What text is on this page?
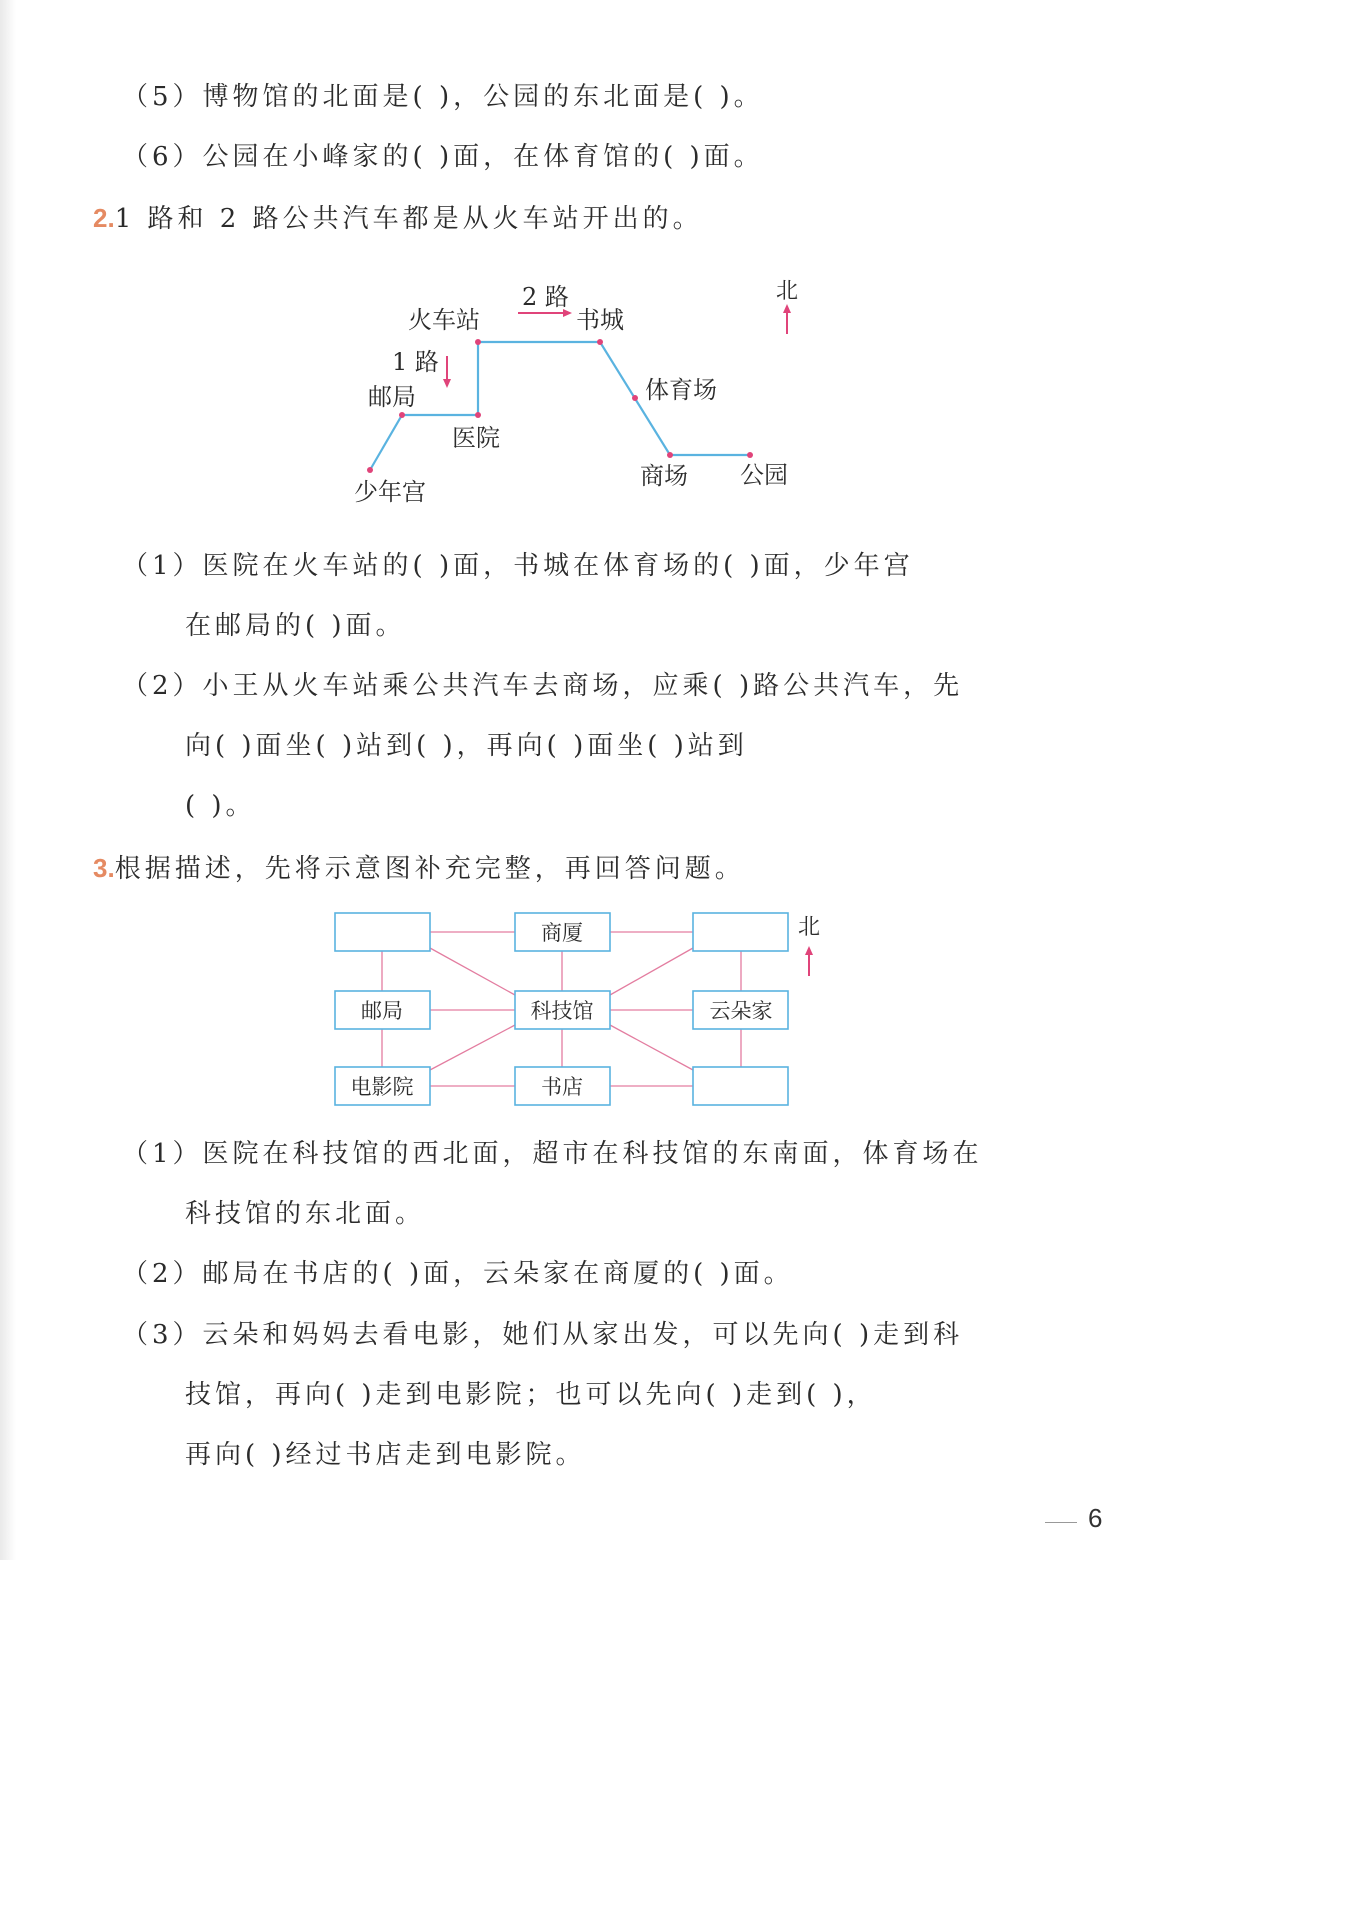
（5）博物馆的北面是( )，公园的东北面是( )。
（6）公园在小峰家的( )面，在体育馆的( )面。
2.1 路和 2 路公共汽车都是从火车站开出的。
火车站
2 路
书城
北
1 路
邮局	体育场
医院
少年宫
商场 公园
（1）医院在火车站的( )面，书城在体育场的( )面，少年宫
在邮局的( )面。
（2）小王从火车站乘公共汽车去商场，应乘( )路公共汽车，先
向( )面坐( )站到( )，再向( )面坐( )站到
( )。
3.根据描述，先将示意图补充完整，再回答问题。
商厦
邮局	科技馆	云朵家
电影院	书店
北
（1）医院在科技馆的西北面，超市在科技馆的东南面，体育场在
科技馆的东北面。
（2）邮局在书店的( )面，云朵家在商厦的( )面。
（3）云朵和妈妈去看电影，她们从家出发，可以先向( )走到科
技馆，再向( )走到电影院；也可以先向( )走到( )，
再向( )经过书店走到电影院。
6
